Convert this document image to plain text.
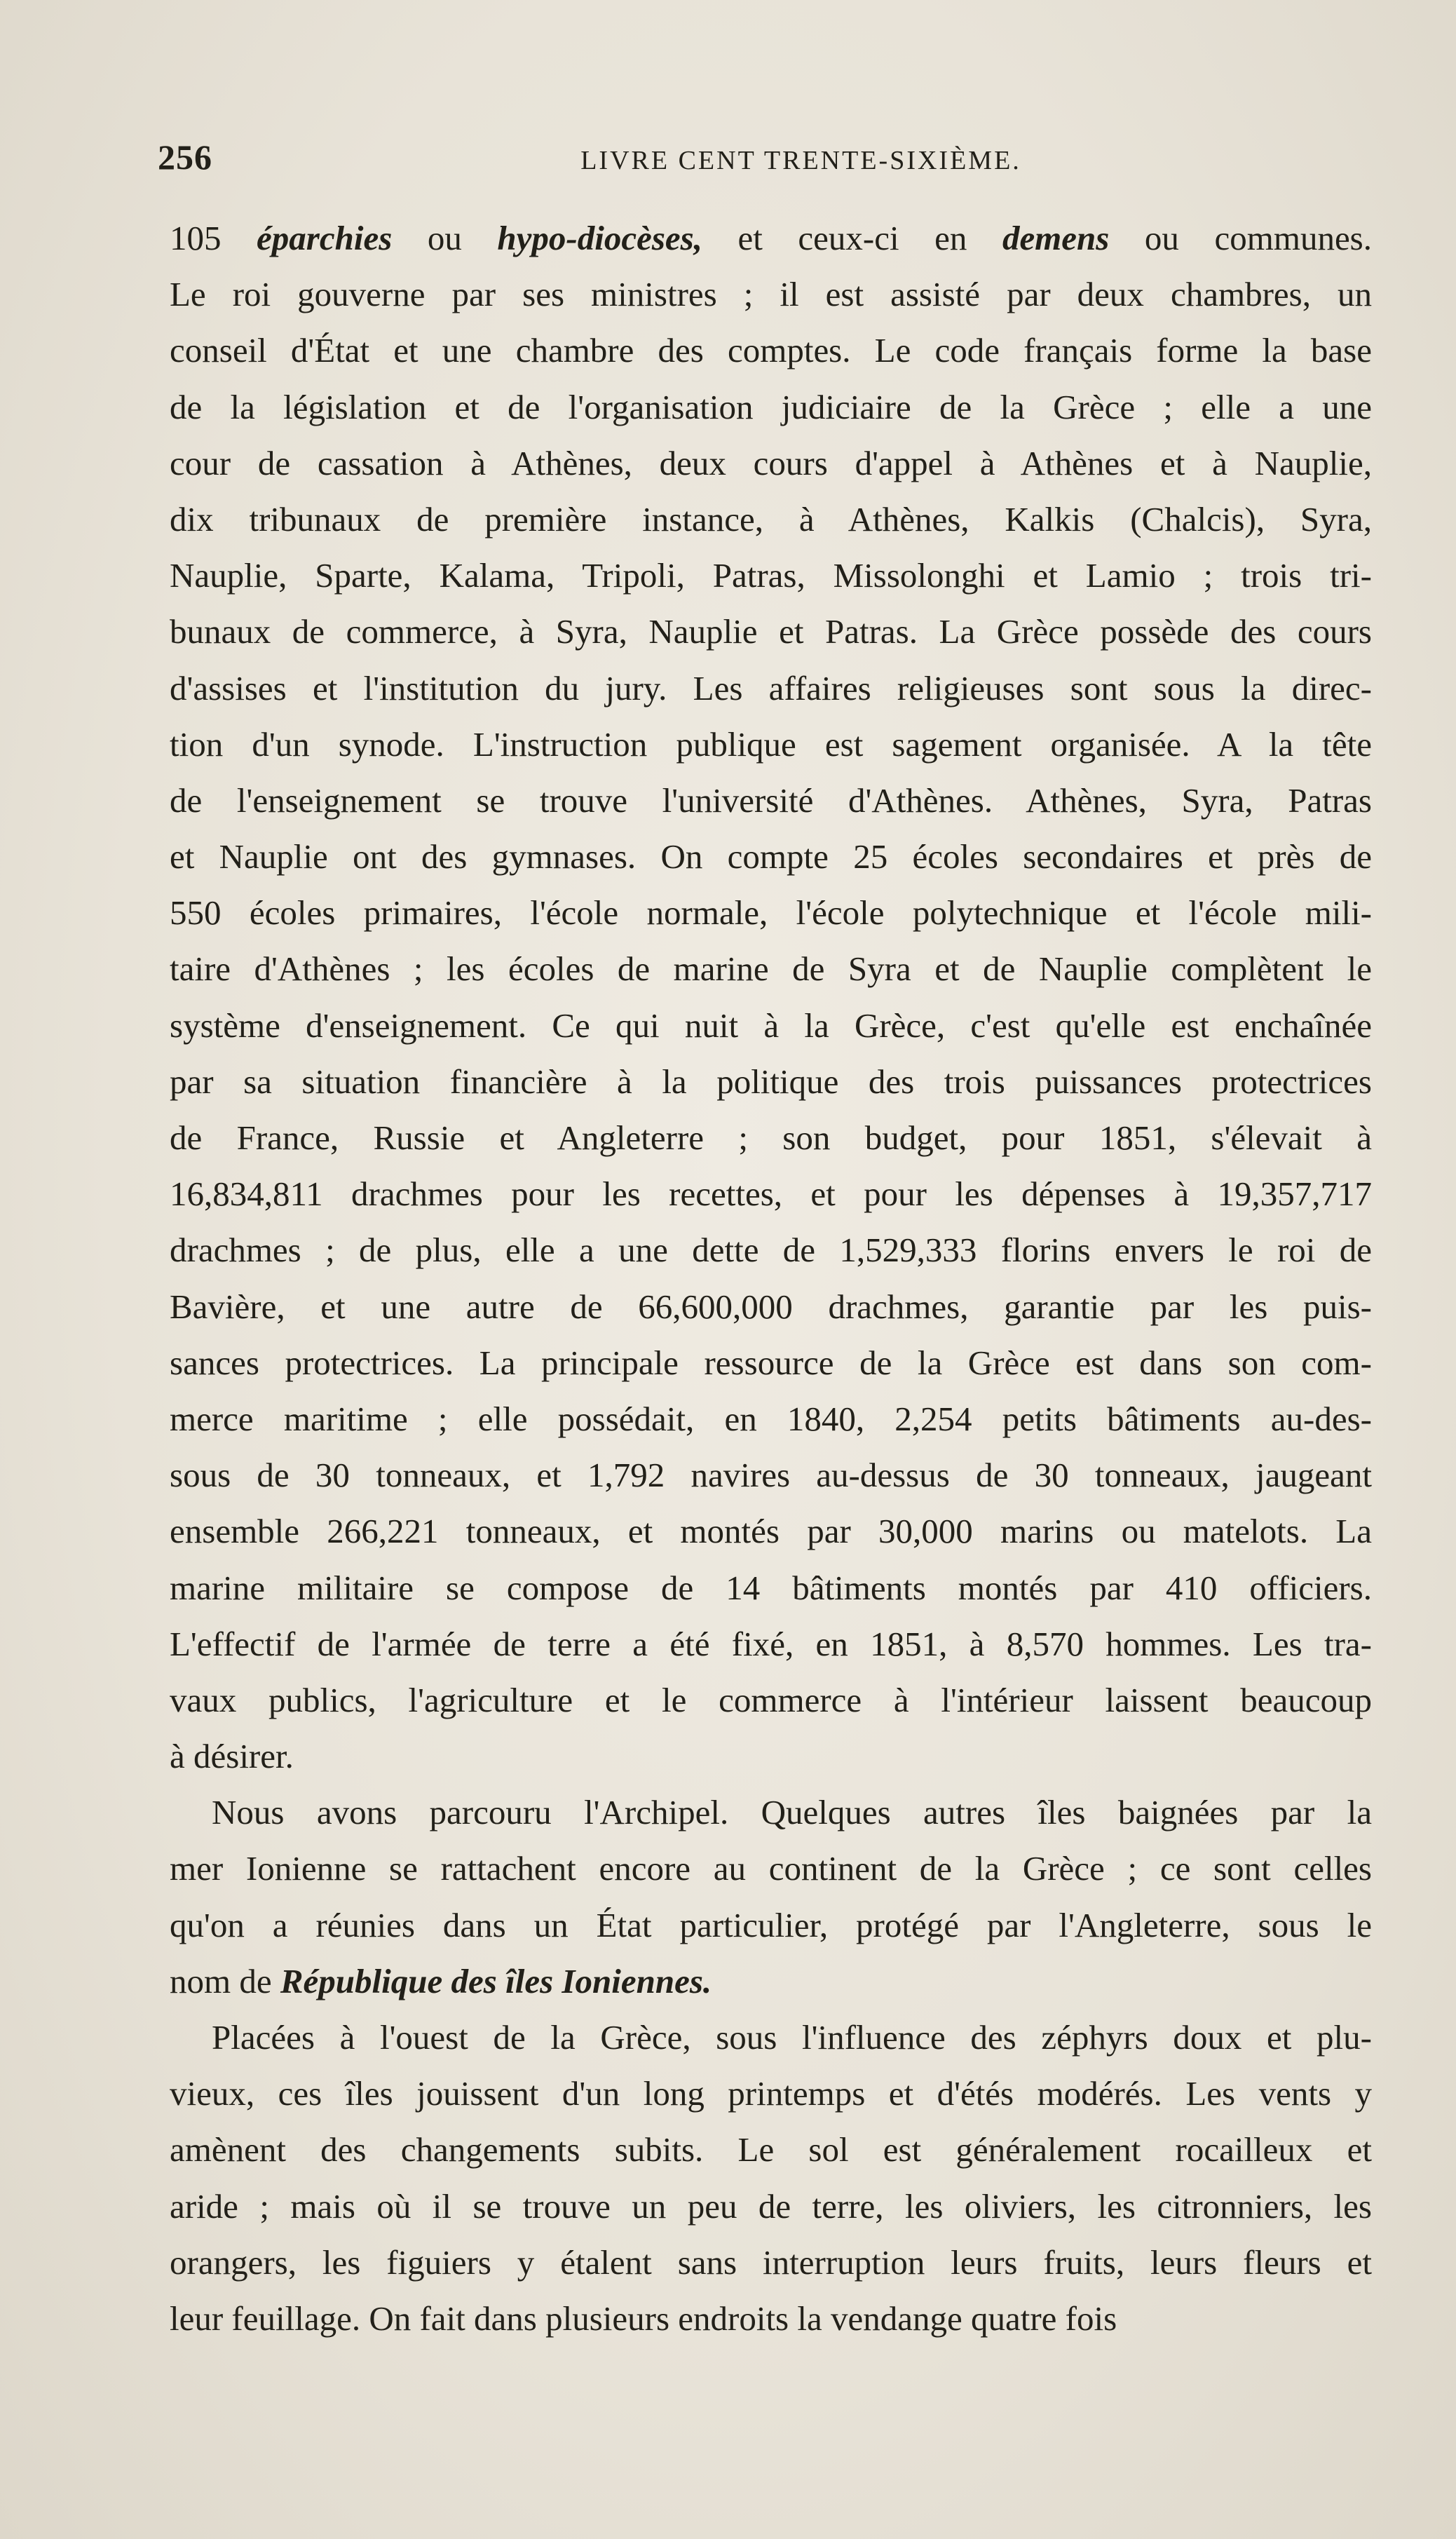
256	LIVRE CENT TRENTE-SIXIÈME.
105 éparchies ou hypo-diocèses, et ceux-ci en demens ou communes.
Le roi gouverne par ses ministres ; il est assisté par deux chambres, un
conseil d'État et une chambre des comptes. Le code français forme la base
de la législation et de l'organisation judiciaire de la Grèce ; elle a une
cour de cassation à Athènes, deux cours d'appel à Athènes et à Nauplie,
dix tribunaux de première instance, à Athènes, Kalkis (Chalcis), Syra,
Nauplie, Sparte, Kalama, Tripoli, Patras, Missolonghi et Lamio ; trois tri-
bunaux de commerce, à Syra, Nauplie et Patras. La Grèce possède des cours
d'assises et l'institution du jury. Les affaires religieuses sont sous la direc-
tion d'un synode. L'instruction publique est sagement organisée. A la tête
de l'enseignement se trouve l'université d'Athènes. Athènes, Syra, Patras
et Nauplie ont des gymnases. On compte 25 écoles secondaires et près de
550 écoles primaires, l'école normale, l'école polytechnique et l'école mili-
taire d'Athènes ; les écoles de marine de Syra et de Nauplie complètent le
système d'enseignement. Ce qui nuit à la Grèce, c'est qu'elle est enchaînée
par sa situation financière à la politique des trois puissances protectrices
de France, Russie et Angleterre ; son budget, pour 1851, s'élevait à
16,834,811 drachmes pour les recettes, et pour les dépenses à 19,357,717
drachmes ; de plus, elle a une dette de 1,529,333 florins envers le roi de
Bavière, et une autre de 66,600,000 drachmes, garantie par les puis-
sances protectrices. La principale ressource de la Grèce est dans son com-
merce maritime ; elle possédait, en 1840, 2,254 petits bâtiments au-des-
sous de 30 tonneaux, et 1,792 navires au-dessus de 30 tonneaux, jaugeant
ensemble 266,221 tonneaux, et montés par 30,000 marins ou matelots. La
marine militaire se compose de 14 bâtiments montés par 410 officiers.
L'effectif de l'armée de terre a été fixé, en 1851, à 8,570 hommes. Les tra-
vaux publics, l'agriculture et le commerce à l'intérieur laissent beaucoup
à désirer.
Nous avons parcouru l'Archipel. Quelques autres îles baignées par la
mer Ionienne se rattachent encore au continent de la Grèce ; ce sont celles
qu'on a réunies dans un État particulier, protégé par l'Angleterre, sous le
nom de République des îles Ioniennes.
Placées à l'ouest de la Grèce, sous l'influence des zéphyrs doux et plu-
vieux, ces îles jouissent d'un long printemps et d'étés modérés. Les vents y
amènent des changements subits. Le sol est généralement rocailleux et
aride ; mais où il se trouve un peu de terre, les oliviers, les citronniers, les
orangers, les figuiers y étalent sans interruption leurs fruits, leurs fleurs et
leur feuillage. On fait dans plusieurs endroits la vendange quatre fois
